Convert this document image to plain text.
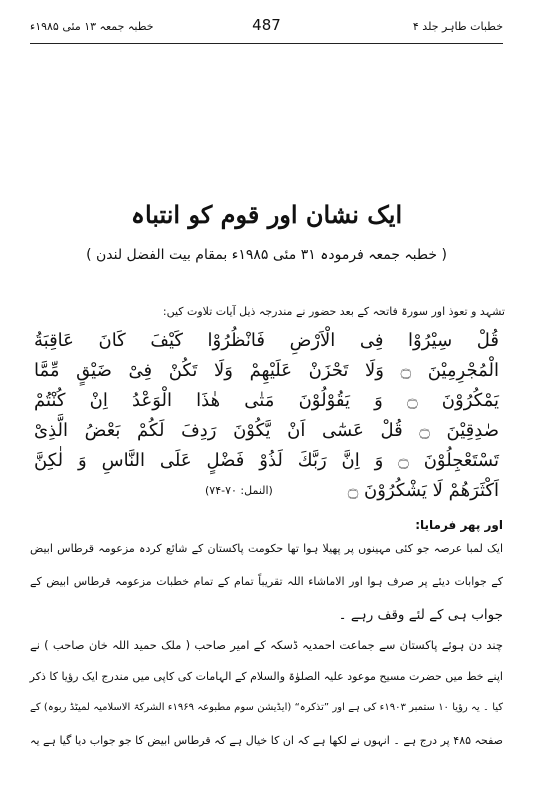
خطبہ جمعہ ۱۳ مئی ۱۹۸۵ء	487	خطبات طاہر جلد ۴
ایک نشان اور قوم کو انتباہ
( خطبہ جمعہ فرمودہ ۳۱ مئی ۱۹۸۵ء بمقام بیت الفضل لندن )
تشہد و تعوذ اور سورۃ فاتحہ کے بعد حضور نے مندرجہ ذیل آیات تلاوت کیں:
قُلْ سِيْرُوْا فِى الْاَرْضِ فَانْظُرُوْا كَيْفَ كَانَ عَاقِبَةُ
الْمُجْرِمِيْنَ ۝ وَلَا تَحْزَنْ عَلَيْهِمْ وَلَا تَكُنْ فِىْ ضَيْقٍ مِّمَّا
يَمْكُرُوْنَ ۝ وَ يَقُوْلُوْنَ مَتٰى هٰذَا الْوَعْدُ اِنْ كُنْتُمْ
صٰدِقِيْنَ ۝ قُلْ عَسٰٓى اَنْ يَّكُوْنَ رَدِفَ لَكُمْ بَعْضُ الَّذِىْ
تَسْتَعْجِلُوْنَ ۝ وَ اِنَّ رَبَّكَ لَذُوْ فَضْلٍ عَلَى النَّاسِ وَ لٰكِنَّ
اَكْثَرَهُمْ لَا يَشْكُرُوْنَ ۝
(النمل: ۷۰-۷۴)
اور پھر فرمایا:
ایک لمبا عرصہ جو کئی مہینوں پر پھیلا ہوا تھا حکومت پاکستان کے شائع کردہ مزعومہ قرطاس ابیض
کے جوابات دیئے پر صرف ہوا اور الاماشاء اللہ تقریباً تمام کے تمام خطبات مزعومہ قرطاس ابیض کے
جواب ہی کے لئے وقف رہے ۔
چند دن ہوئے پاکستان سے جماعت احمدیہ ڈسکہ کے امیر صاحب ( ملک حمید اللہ خان صاحب ) نے
اپنے خط میں حضرت مسیح موعود علیہ الصلوٰۃ والسلام کے الہامات کی کاپی میں مندرج ایک رؤیا کا ذکر
کیا ۔ یہ رؤیا ۱۰ ستمبر ۱۹۰۳ء کی ہے اور ”تذکرہ“ (ایڈیشن سوم مطبوعہ ۱۹۶۹ء الشرکۃ الاسلامیہ لمیٹڈ ربوہ) کے
صفحہ ۴۸۵ پر درج ہے ۔ انہوں نے لکھا ہے کہ ان کا خیال ہے کہ قرطاس ابیض کا جو جواب دیا گیا ہے یہ
